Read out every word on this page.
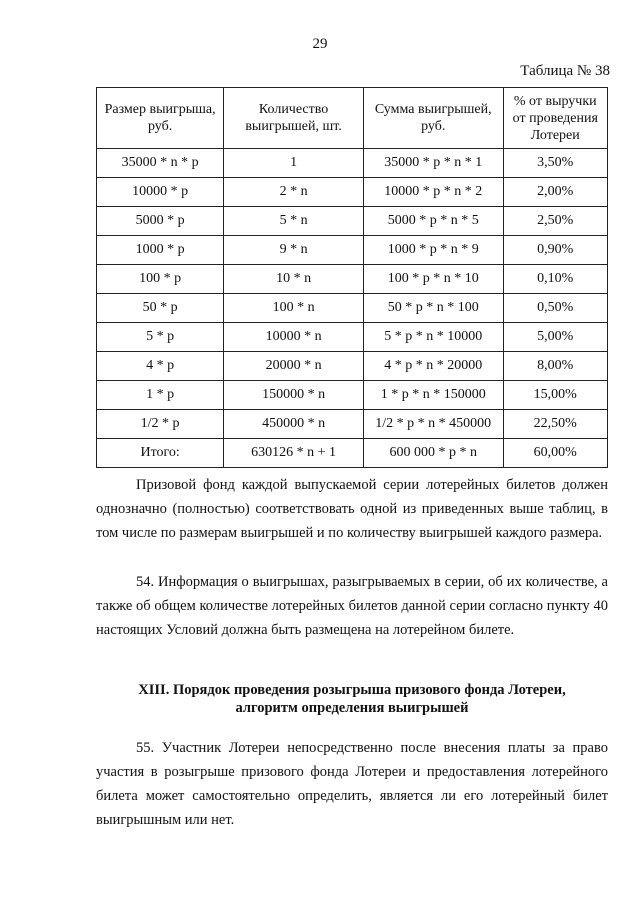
29
Таблица № 38
Размер выигрыша, руб.	Количество выигрышей, шт.	Сумма выигрышей, руб.	% от выручки от проведения Лотереи
35000 * n * p	1	35000 * p * n * 1	3,50%
10000 * p	2 * n	10000 * p * n * 2	2,00%
5000 * p	5 * n	5000 * p * n * 5	2,50%
1000 * p	9 * n	1000 * p * n * 9	0,90%
100 * p	10 * n	100 * p * n * 10	0,10%
50 * p	100 * n	50 * p * n * 100	0,50%
5 * p	10000 * n	5 * p * n * 10000	5,00%
4 * p	20000 * n	4 * p * n * 20000	8,00%
1 * p	150000 * n	1 * p * n * 150000	15,00%
1/2 * p	450000 * n	1/2 * p * n * 450000	22,50%
Итого:	630126 * n + 1	600 000 * p * n	60,00%
Призовой фонд каждой выпускаемой серии лотерейных билетов должен однозначно (полностью) соответствовать одной из приведенных выше таблиц, в том числе по размерам выигрышей и по количеству выигрышей каждого размера.
54. Информация о выигрышах, разыгрываемых в серии, об их количестве, а также об общем количестве лотерейных билетов данной серии согласно пункту 40 настоящих Условий должна быть размещена на лотерейном билете.
XIII. Порядок проведения розыгрыша призового фонда Лотереи,
алгоритм определения выигрышей
55. Участник Лотереи непосредственно после внесения платы за право участия в розыгрыше призового фонда Лотереи и предоставления лотерейного билета может самостоятельно определить, является ли его лотерейный билет выигрышным или нет.
